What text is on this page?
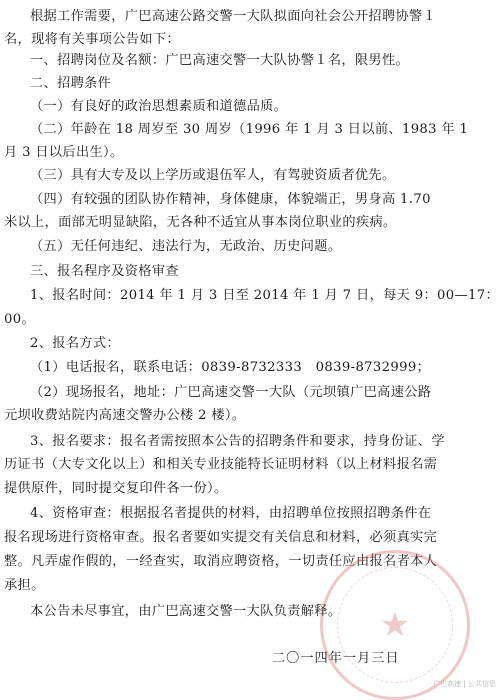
根据工作需要，广巴高速公路交警一大队拟面向社会公开招聘协警１
名，现将有关事项公告如下：
一、招聘岗位及名额：广巴高速交警一大队协警１名，限男性。
二、招聘条件
（一）有良好的政治思想素质和道德品质。
（二）年龄在 18 周岁至 30 周岁（1996 年 1 月 3 日以前、1983 年 1
月 3 日以后出生）。
（三）具有大专及以上学历或退伍军人，有驾驶资质者优先。
（四）有较强的团队协作精神，身体健康，体貌端正，男身高 1.70
米以上，面部无明显缺陷，无各种不适宜从事本岗位职业的疾病。
（五）无任何违纪、违法行为，无政治、历史问题。
三、报名程序及资格审查
1、报名时间：2014 年 1 月 3 日至 2014 年 1 月 7 日，每天 9：00—17：
00。
2、报名方式：
（1）电话报名，联系电话：0839-8732333　0839-8732999；
（2）现场报名，地址：广巴高速交警一大队（元坝镇广巴高速公路
元坝收费站院内高速交警办公楼 2 楼）。
3、报名要求：报名者需按照本公告的招聘条件和要求，持身份证、学
历证书（大专文化以上）和相关专业技能特长证明材料（以上材料报名需
提供原件，同时提交复印件各一份）。
4、资格审查：根据报名者提供的材料，由招聘单位按照招聘条件在
报名现场进行资格审查。报名者要如实提交有关信息和材料，必须真实完
整。凡弄虚作假的，一经查实，取消应聘资格，一切责任应由报名者本人
承担。
本公告未尽事宜，由广巴高速交警一大队负责解释。	★
二〇一四年一月三日
广巴高速 | 公共信息
